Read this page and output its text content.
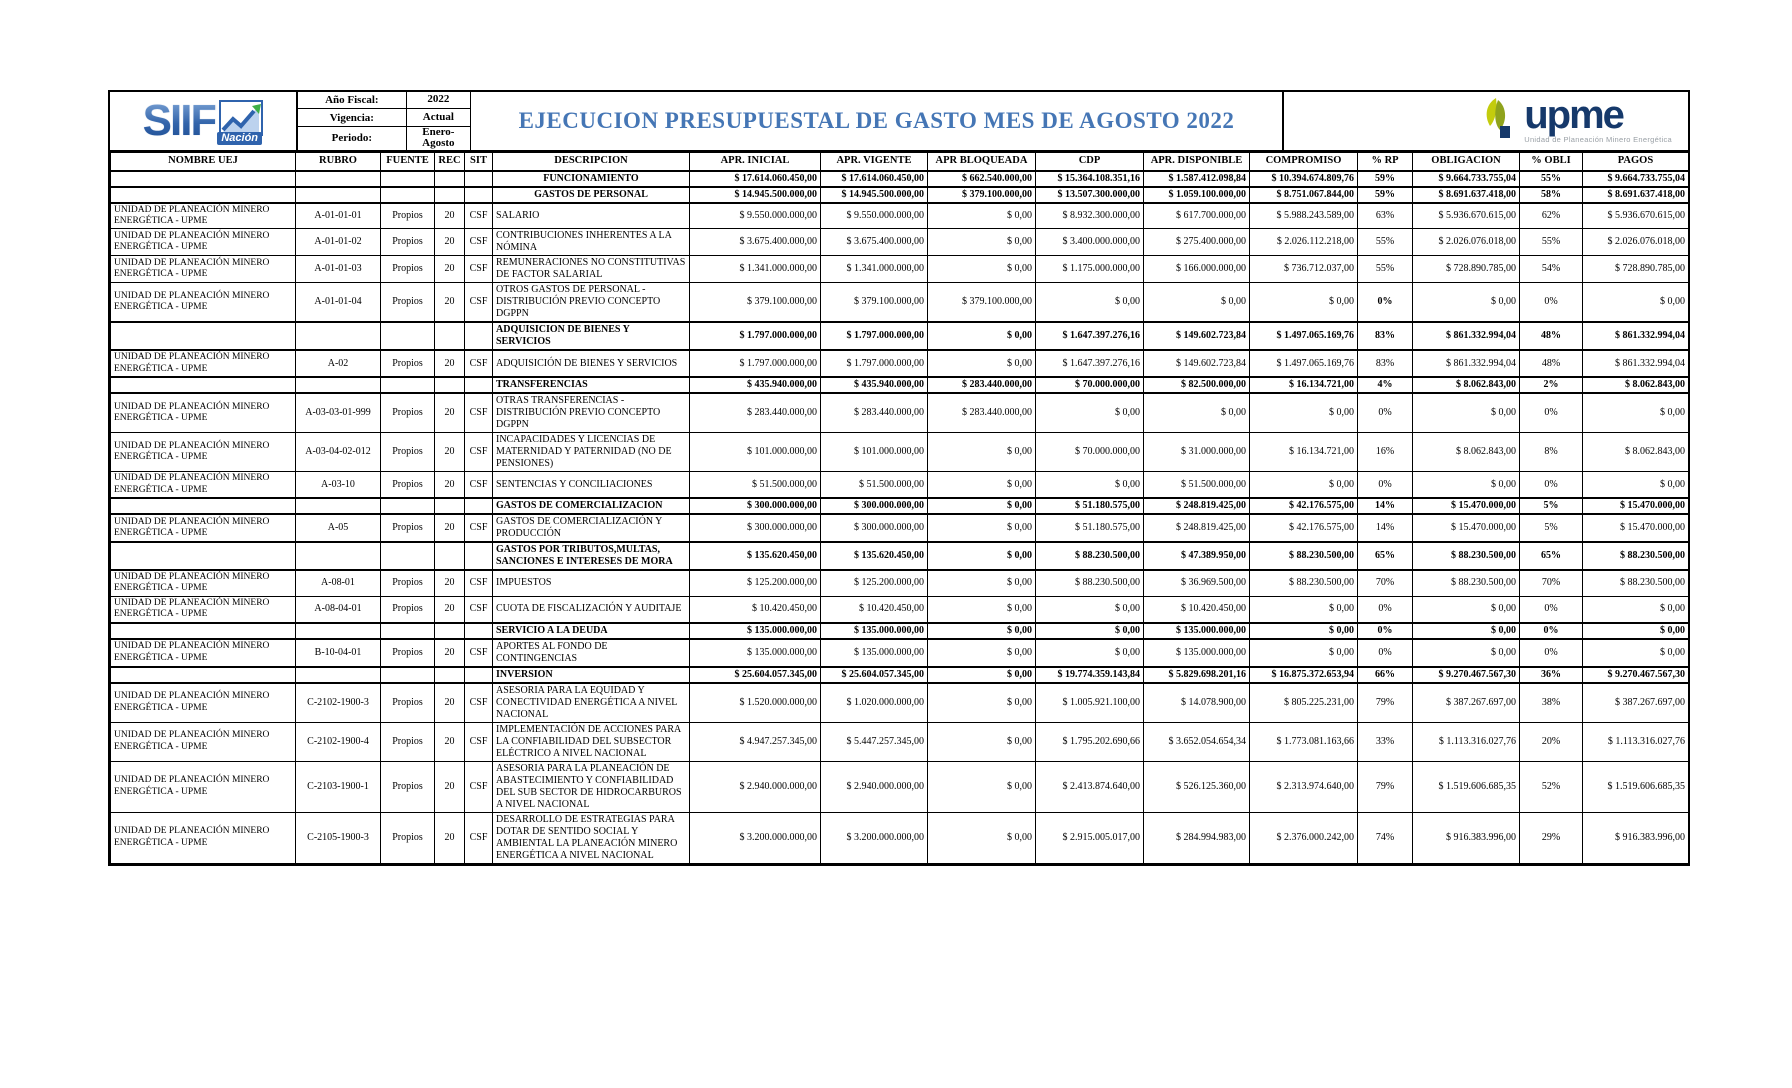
SIIF Nación
Año Fiscal:	2022
Vigencia:	Actual
Periodo:
Enero-Agosto
EJECUCION PRESUPUESTAL DE GASTO MES DE AGOSTO 2022	upme
Unidad de Planeación Minero Energética
NOMBRE UEJ	RUBRO	FUENTE	REC	SIT	DESCRIPCION	APR. INICIAL	APR. VIGENTE	APR BLOQUEADA	CDP	APR. DISPONIBLE	COMPROMISO	% RP	OBLIGACION	% OBLI	PAGOS
					FUNCIONAMIENTO	$ 17.614.060.450,00	$ 17.614.060.450,00	$ 662.540.000,00	$ 15.364.108.351,16	$ 1.587.412.098,84	$ 10.394.674.809,76	59%	$ 9.664.733.755,04	55%	$ 9.664.733.755,04
					GASTOS DE PERSONAL	$ 14.945.500.000,00	$ 14.945.500.000,00	$ 379.100.000,00	$ 13.507.300.000,00	$ 1.059.100.000,00	$ 8.751.067.844,00	59%	$ 8.691.637.418,00	58%	$ 8.691.637.418,00
UNIDAD DE PLANEACIÓN MINERO ENERGÉTICA - UPME	A-01-01-01	Propios	20	CSF	SALARIO	$ 9.550.000.000,00	$ 9.550.000.000,00	$ 0,00	$ 8.932.300.000,00	$ 617.700.000,00	$ 5.988.243.589,00	63%	$ 5.936.670.615,00	62%	$ 5.936.670.615,00
UNIDAD DE PLANEACIÓN MINERO ENERGÉTICA - UPME	A-01-01-02	Propios	20	CSF	CONTRIBUCIONES INHERENTES A LA NÓMINA	$ 3.675.400.000,00	$ 3.675.400.000,00	$ 0,00	$ 3.400.000.000,00	$ 275.400.000,00	$ 2.026.112.218,00	55%	$ 2.026.076.018,00	55%	$ 2.026.076.018,00
UNIDAD DE PLANEACIÓN MINERO ENERGÉTICA - UPME	A-01-01-03	Propios	20	CSF	REMUNERACIONES NO CONSTITUTIVAS DE FACTOR SALARIAL	$ 1.341.000.000,00	$ 1.341.000.000,00	$ 0,00	$ 1.175.000.000,00	$ 166.000.000,00	$ 736.712.037,00	55%	$ 728.890.785,00	54%	$ 728.890.785,00
UNIDAD DE PLANEACIÓN MINERO ENERGÉTICA - UPME	A-01-01-04	Propios	20	CSF	OTROS GASTOS DE PERSONAL - DISTRIBUCIÓN PREVIO CONCEPTO DGPPN	$ 379.100.000,00	$ 379.100.000,00	$ 379.100.000,00	$ 0,00	$ 0,00	$ 0,00	0%	$ 0,00	0%	$ 0,00
					ADQUISICION DE BIENES Y SERVICIOS	$ 1.797.000.000,00	$ 1.797.000.000,00	$ 0,00	$ 1.647.397.276,16	$ 149.602.723,84	$ 1.497.065.169,76	83%	$ 861.332.994,04	48%	$ 861.332.994,04
UNIDAD DE PLANEACIÓN MINERO ENERGÉTICA - UPME	A-02	Propios	20	CSF	ADQUISICIÓN DE BIENES Y SERVICIOS	$ 1.797.000.000,00	$ 1.797.000.000,00	$ 0,00	$ 1.647.397.276,16	$ 149.602.723,84	$ 1.497.065.169,76	83%	$ 861.332.994,04	48%	$ 861.332.994,04
					TRANSFERENCIAS	$ 435.940.000,00	$ 435.940.000,00	$ 283.440.000,00	$ 70.000.000,00	$ 82.500.000,00	$ 16.134.721,00	4%	$ 8.062.843,00	2%	$ 8.062.843,00
UNIDAD DE PLANEACIÓN MINERO ENERGÉTICA - UPME	A-03-03-01-999	Propios	20	CSF	OTRAS TRANSFERENCIAS - DISTRIBUCIÓN PREVIO CONCEPTO DGPPN	$ 283.440.000,00	$ 283.440.000,00	$ 283.440.000,00	$ 0,00	$ 0,00	$ 0,00	0%	$ 0,00	0%	$ 0,00
UNIDAD DE PLANEACIÓN MINERO ENERGÉTICA - UPME	A-03-04-02-012	Propios	20	CSF	INCAPACIDADES Y LICENCIAS DE MATERNIDAD Y PATERNIDAD (NO DE PENSIONES)	$ 101.000.000,00	$ 101.000.000,00	$ 0,00	$ 70.000.000,00	$ 31.000.000,00	$ 16.134.721,00	16%	$ 8.062.843,00	8%	$ 8.062.843,00
UNIDAD DE PLANEACIÓN MINERO ENERGÉTICA - UPME	A-03-10	Propios	20	CSF	SENTENCIAS Y CONCILIACIONES	$ 51.500.000,00	$ 51.500.000,00	$ 0,00	$ 0,00	$ 51.500.000,00	$ 0,00	0%	$ 0,00	0%	$ 0,00
					GASTOS DE COMERCIALIZACION	$ 300.000.000,00	$ 300.000.000,00	$ 0,00	$ 51.180.575,00	$ 248.819.425,00	$ 42.176.575,00	14%	$ 15.470.000,00	5%	$ 15.470.000,00
UNIDAD DE PLANEACIÓN MINERO ENERGÉTICA - UPME	A-05	Propios	20	CSF	GASTOS DE COMERCIALIZACIÓN Y PRODUCCIÓN	$ 300.000.000,00	$ 300.000.000,00	$ 0,00	$ 51.180.575,00	$ 248.819.425,00	$ 42.176.575,00	14%	$ 15.470.000,00	5%	$ 15.470.000,00
					GASTOS POR TRIBUTOS,MULTAS, SANCIONES E INTERESES DE MORA	$ 135.620.450,00	$ 135.620.450,00	$ 0,00	$ 88.230.500,00	$ 47.389.950,00	$ 88.230.500,00	65%	$ 88.230.500,00	65%	$ 88.230.500,00
UNIDAD DE PLANEACIÓN MINERO ENERGÉTICA - UPME	A-08-01	Propios	20	CSF	IMPUESTOS	$ 125.200.000,00	$ 125.200.000,00	$ 0,00	$ 88.230.500,00	$ 36.969.500,00	$ 88.230.500,00	70%	$ 88.230.500,00	70%	$ 88.230.500,00
UNIDAD DE PLANEACIÓN MINERO ENERGÉTICA - UPME	A-08-04-01	Propios	20	CSF	CUOTA DE FISCALIZACIÓN Y AUDITAJE	$ 10.420.450,00	$ 10.420.450,00	$ 0,00	$ 0,00	$ 10.420.450,00	$ 0,00	0%	$ 0,00	0%	$ 0,00
					SERVICIO A LA DEUDA	$ 135.000.000,00	$ 135.000.000,00	$ 0,00	$ 0,00	$ 135.000.000,00	$ 0,00	0%	$ 0,00	0%	$ 0,00
UNIDAD DE PLANEACIÓN MINERO ENERGÉTICA - UPME	B-10-04-01	Propios	20	CSF	APORTES AL FONDO DE CONTINGENCIAS	$ 135.000.000,00	$ 135.000.000,00	$ 0,00	$ 0,00	$ 135.000.000,00	$ 0,00	0%	$ 0,00	0%	$ 0,00
					INVERSION	$ 25.604.057.345,00	$ 25.604.057.345,00	$ 0,00	$ 19.774.359.143,84	$ 5.829.698.201,16	$ 16.875.372.653,94	66%	$ 9.270.467.567,30	36%	$ 9.270.467.567,30
UNIDAD DE PLANEACIÓN MINERO ENERGÉTICA - UPME	C-2102-1900-3	Propios	20	CSF	ASESORIA PARA LA EQUIDAD Y CONECTIVIDAD ENERGÉTICA A NIVEL NACIONAL	$ 1.520.000.000,00	$ 1.020.000.000,00	$ 0,00	$ 1.005.921.100,00	$ 14.078.900,00	$ 805.225.231,00	79%	$ 387.267.697,00	38%	$ 387.267.697,00
UNIDAD DE PLANEACIÓN MINERO ENERGÉTICA - UPME	C-2102-1900-4	Propios	20	CSF	IMPLEMENTACIÓN DE ACCIONES PARA LA CONFIABILIDAD DEL SUBSECTOR ELÉCTRICO A NIVEL NACIONAL	$ 4.947.257.345,00	$ 5.447.257.345,00	$ 0,00	$ 1.795.202.690,66	$ 3.652.054.654,34	$ 1.773.081.163,66	33%	$ 1.113.316.027,76	20%	$ 1.113.316.027,76
UNIDAD DE PLANEACIÓN MINERO ENERGÉTICA - UPME	C-2103-1900-1	Propios	20	CSF	ASESORIA PARA LA PLANEACIÓN DE ABASTECIMIENTO Y CONFIABILIDAD DEL SUB SECTOR DE HIDROCARBUROS A NIVEL NACIONAL	$ 2.940.000.000,00	$ 2.940.000.000,00	$ 0,00	$ 2.413.874.640,00	$ 526.125.360,00	$ 2.313.974.640,00	79%	$ 1.519.606.685,35	52%	$ 1.519.606.685,35
UNIDAD DE PLANEACIÓN MINERO ENERGÉTICA - UPME	C-2105-1900-3	Propios	20	CSF	DESARROLLO DE ESTRATEGIAS PARA DOTAR DE SENTIDO SOCIAL Y AMBIENTAL LA PLANEACIÓN MINERO ENERGÉTICA A NIVEL NACIONAL	$ 3.200.000.000,00	$ 3.200.000.000,00	$ 0,00	$ 2.915.005.017,00	$ 284.994.983,00	$ 2.376.000.242,00	74%	$ 916.383.996,00	29%	$ 916.383.996,00
